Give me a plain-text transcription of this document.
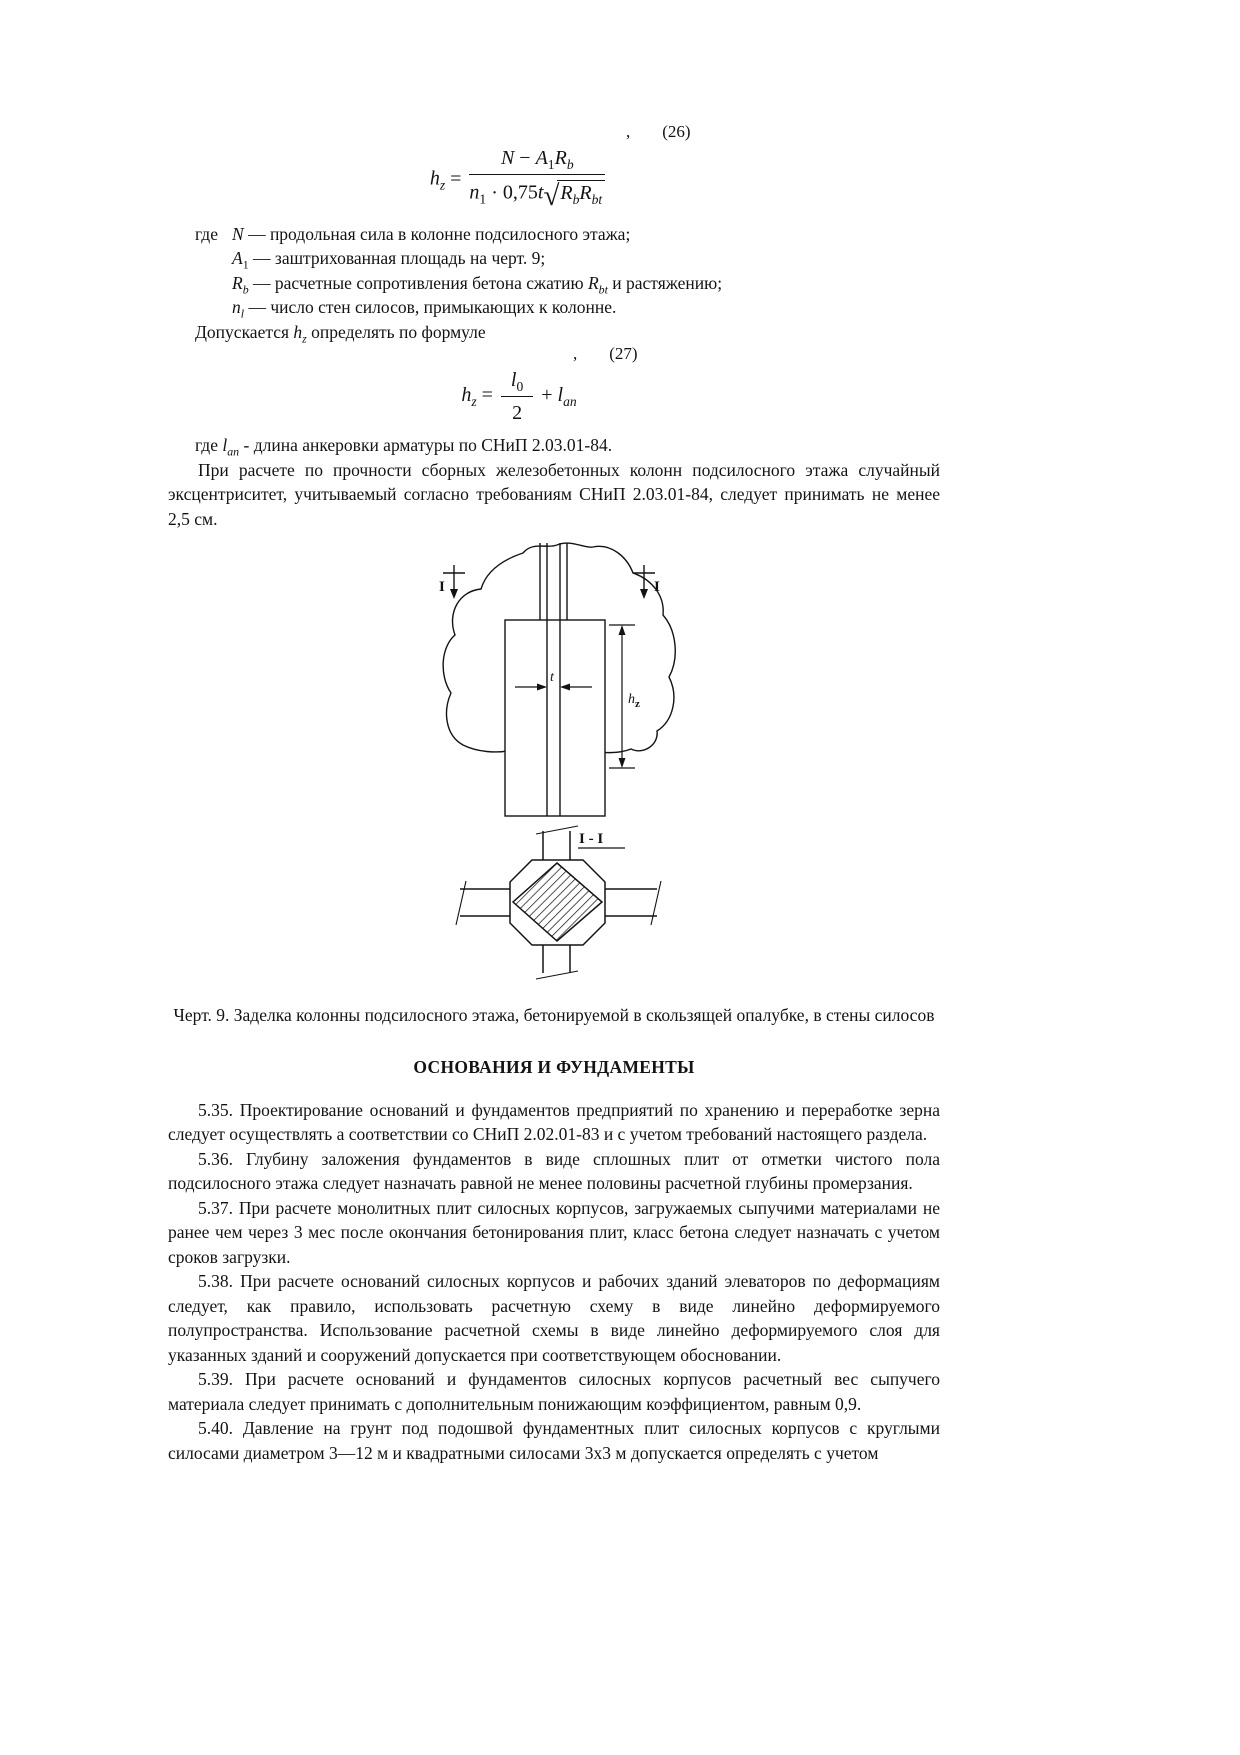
, (26)
$h_z = \frac{N - A_1R_b}{n_1 \cdot 0,75t√R_bR_{bt}}$
где N — продольная сила в колонне подсилосного этажа;
$A_1$ — заштрихованная площадь на черт. 9;
$R_b$ — расчетные сопротивления бетона сжатию $R_{bt}$ и растяжению;
$n_l$ — число стен силосов, примыкающих к колонне.
Допускается $h_z$ определять по формуле
, (27)
$h_z = \frac{l_0}{2} + l_{an}$
где $l_{an}$ - длина анкеровки арматуры по СНиП 2.03.01-84.

При расчете по прочности сборных железобетонных колонн подсилосного этажа случайный эксцентриситет, учитываемый согласно требованиям СНиП 2.03.01-84, следует принимать не менее 2,5 см.

I	I
t
$h_z$
I - I
Черт. 9. Заделка колонны подсилосного этажа, бетонируемой в скользящей опалубке, в стены силосов
ОСНОВАНИЯ И ФУНДАМЕНТЫ

5.35. Проектирование оснований и фундаментов предприятий по хранению и переработке зерна следует осуществлять а соответствии со СНиП 2.02.01-83 и с учетом требований настоящего раздела.

5.36. Глубину заложения фундаментов в виде сплошных плит от отметки чистого пола подсилосного этажа следует назначать равной не менее половины расчетной глубины промерзания.

5.37. При расчете монолитных плит силосных корпусов, загружаемых сыпучими материалами не ранее чем через 3 мес после окончания бетонирования плит, класс бетона следует назначать с учетом сроков загрузки.

5.38. При расчете оснований силосных корпусов и рабочих зданий элеваторов по деформациям следует, как правило, использовать расчетную схему в виде линейно деформируемого полупространства. Использование расчетной схемы в виде линейно деформируемого слоя для указанных зданий и сооружений допускается при соответствующем обосновании.

5.39. При расчете оснований и фундаментов силосных корпусов расчетный вес сыпучего материала следует принимать с дополнительным понижающим коэффициентом, равным 0,9.

5.40. Давление на грунт под подошвой фундаментных плит силосных корпусов с круглыми силосами диаметром 3—12 м и квадратными силосами 3х3 м допускается определять с учетом
